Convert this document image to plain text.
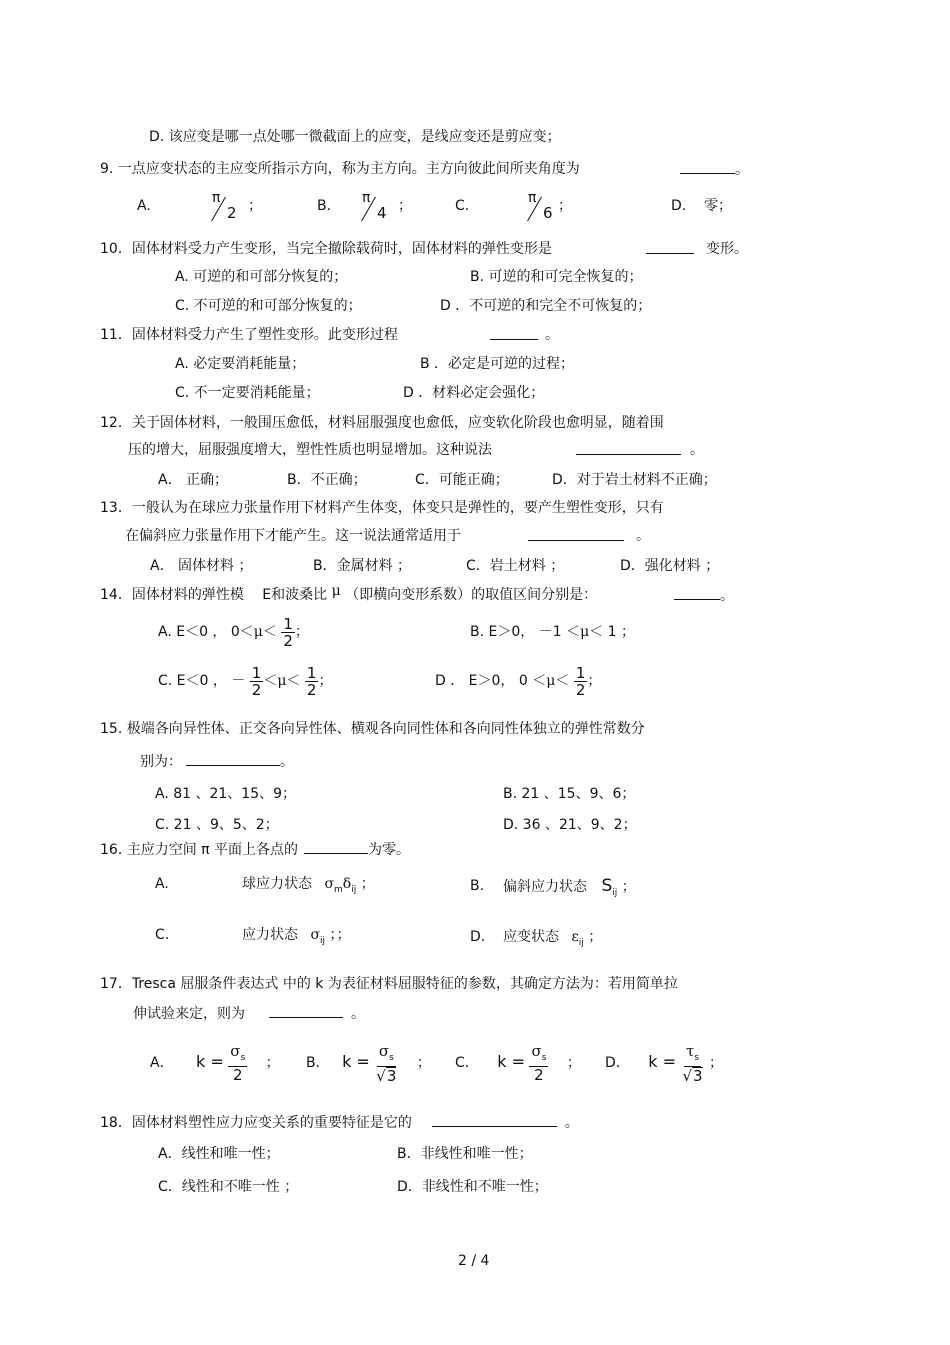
D. 该应变是哪一点处哪一微截面上的应变，是线应变还是剪应变；
9. 一点应变状态的主应变所指示方向，称为主方向。主方向彼此间所夹角度为	。
A.	π
2 ；	B. π
4 ；	C.	π
6 ；	D. 零；
10．固体材料受力产生变形，当完全撤除载荷时，固体材料的弹性变形是	变形。
A. 可逆的和可部分恢复的；	B. 可逆的和可完全恢复的；
C. 不可逆的和可部分恢复的；	D ．不可逆的和完全不可恢复的；
11．固体材料受力产生了塑性变形。此变形过程	。
A. 必定要消耗能量；	B ．必定是可逆的过程；
C. 不一定要消耗能量；	D ．材料必定会强化；
12．关于固体材料，一般围压愈低，材料屈服强度也愈低，应变软化阶段也愈明显，随着围
压的增大，屈服强度增大，塑性性质也明显增加。这种说法	。
A． 正确；	B．不正确；	C．可能正确；	D．对于岩土材料不正确；
13．一般认为在球应力张量作用下材料产生体变，体变只是弹性的，要产生塑性变形，只有
在偏斜应力张量作用下才能产生。这一说法通常适用于	。
A． 固体材料 ；	B．金属材料 ；	C．岩土材料 ；	D．强化材料 ；
14．固体材料的弹性模 E和波桑比 μ （即横向变形系数）的取值区间分别是：	。
A. E＜0 ， $0<\mu< \frac{1}{2}$ ；	B. E＞0， －1 ＜μ＜ 1 ；
C. E＜0 ， － $\frac{1}{2} <\mu< \frac{1}{2}$ ；	D ． E＞0， $0 <\mu< \frac{1}{2}$ ；
15. 极端各向异性体、正交各向异性体、横观各向同性体和各向同性体独立的弹性常数分
别为：	。
A. 81 、21、15、9；	B. 21 、15、9、6；
C. 21 、9、5、2；	D. 36 、21、9、2；
16. 主应力空间 π 平面上各点的	为零。
A.	球应力状态 $\sigma_m\delta_{ij}$ ；	B. 偏斜应力状态 $S_{ij}$ ；
C.	应力状态 $\sigma_{ij}$ ；；	D. 应变状态 $\varepsilon_{ij}$ ；
17．Tresca 屈服条件表达式 中的 k 为表征材料屈服特征的参数，其确定方法为：若用简单拉
伸试验来定，则为	。
A． $k = \frac{\sigma_s}{2}$ ； B． $k = \frac{\sigma_s}{√3}$ ； C． $k = \frac{\sigma_s}{2}$ ； D． $k = \frac{\tau_s}{√3}$ ；
18．固体材料塑性应力应变关系的重要特征是它的	。
A．线性和唯一性；	B．非线性和唯一性；
C．线性和不唯一性 ；	D．非线性和不唯一性；
2 / 4
